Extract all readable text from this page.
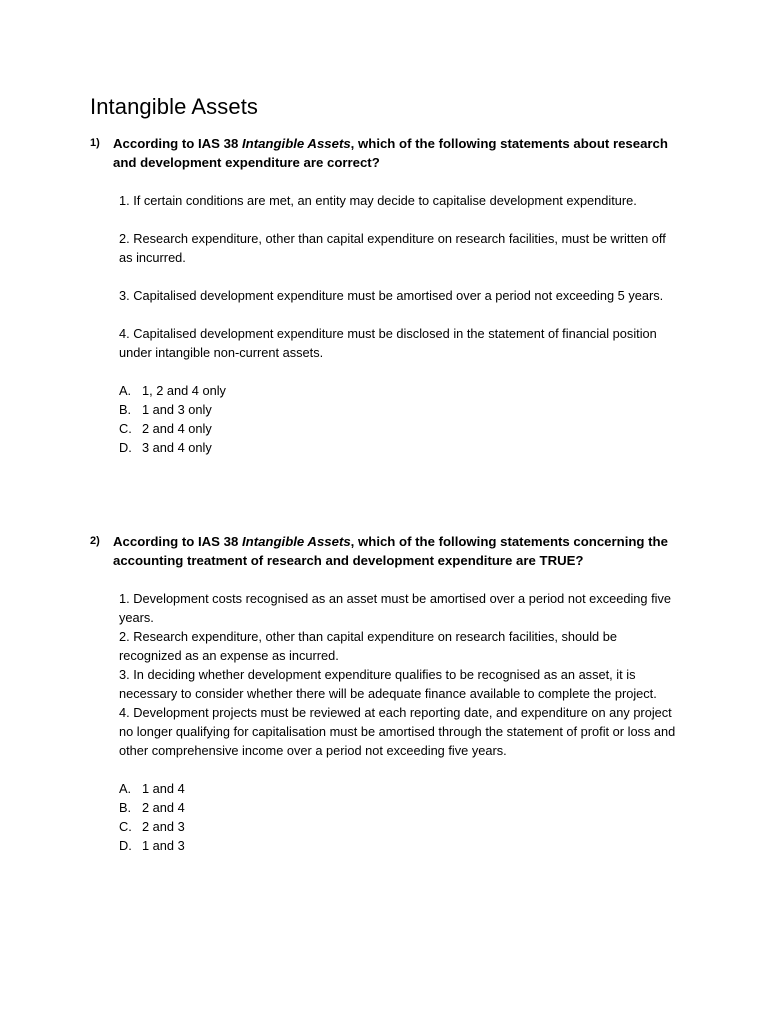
Intangible Assets
1) According to IAS 38 Intangible Assets, which of the following statements about research and development expenditure are correct?
1. If certain conditions are met, an entity may decide to capitalise development expenditure.
2. Research expenditure, other than capital expenditure on research facilities, must be written off as incurred.
3. Capitalised development expenditure must be amortised over a period not exceeding 5 years.
4. Capitalised development expenditure must be disclosed in the statement of financial position under intangible non-current assets.
A. 1, 2 and 4 only
B. 1 and 3 only
C. 2 and 4 only
D. 3 and 4 only
2) According to IAS 38 Intangible Assets, which of the following statements concerning the accounting treatment of research and development expenditure are TRUE?
1. Development costs recognised as an asset must be amortised over a period not exceeding five years.
2. Research expenditure, other than capital expenditure on research facilities, should be recognized as an expense as incurred.
3. In deciding whether development expenditure qualifies to be recognised as an asset, it is necessary to consider whether there will be adequate finance available to complete the project.
4. Development projects must be reviewed at each reporting date, and expenditure on any project no longer qualifying for capitalisation must be amortised through the statement of profit or loss and other comprehensive income over a period not exceeding five years.
A. 1 and 4
B. 2 and 4
C. 2 and 3
D. 1 and 3
